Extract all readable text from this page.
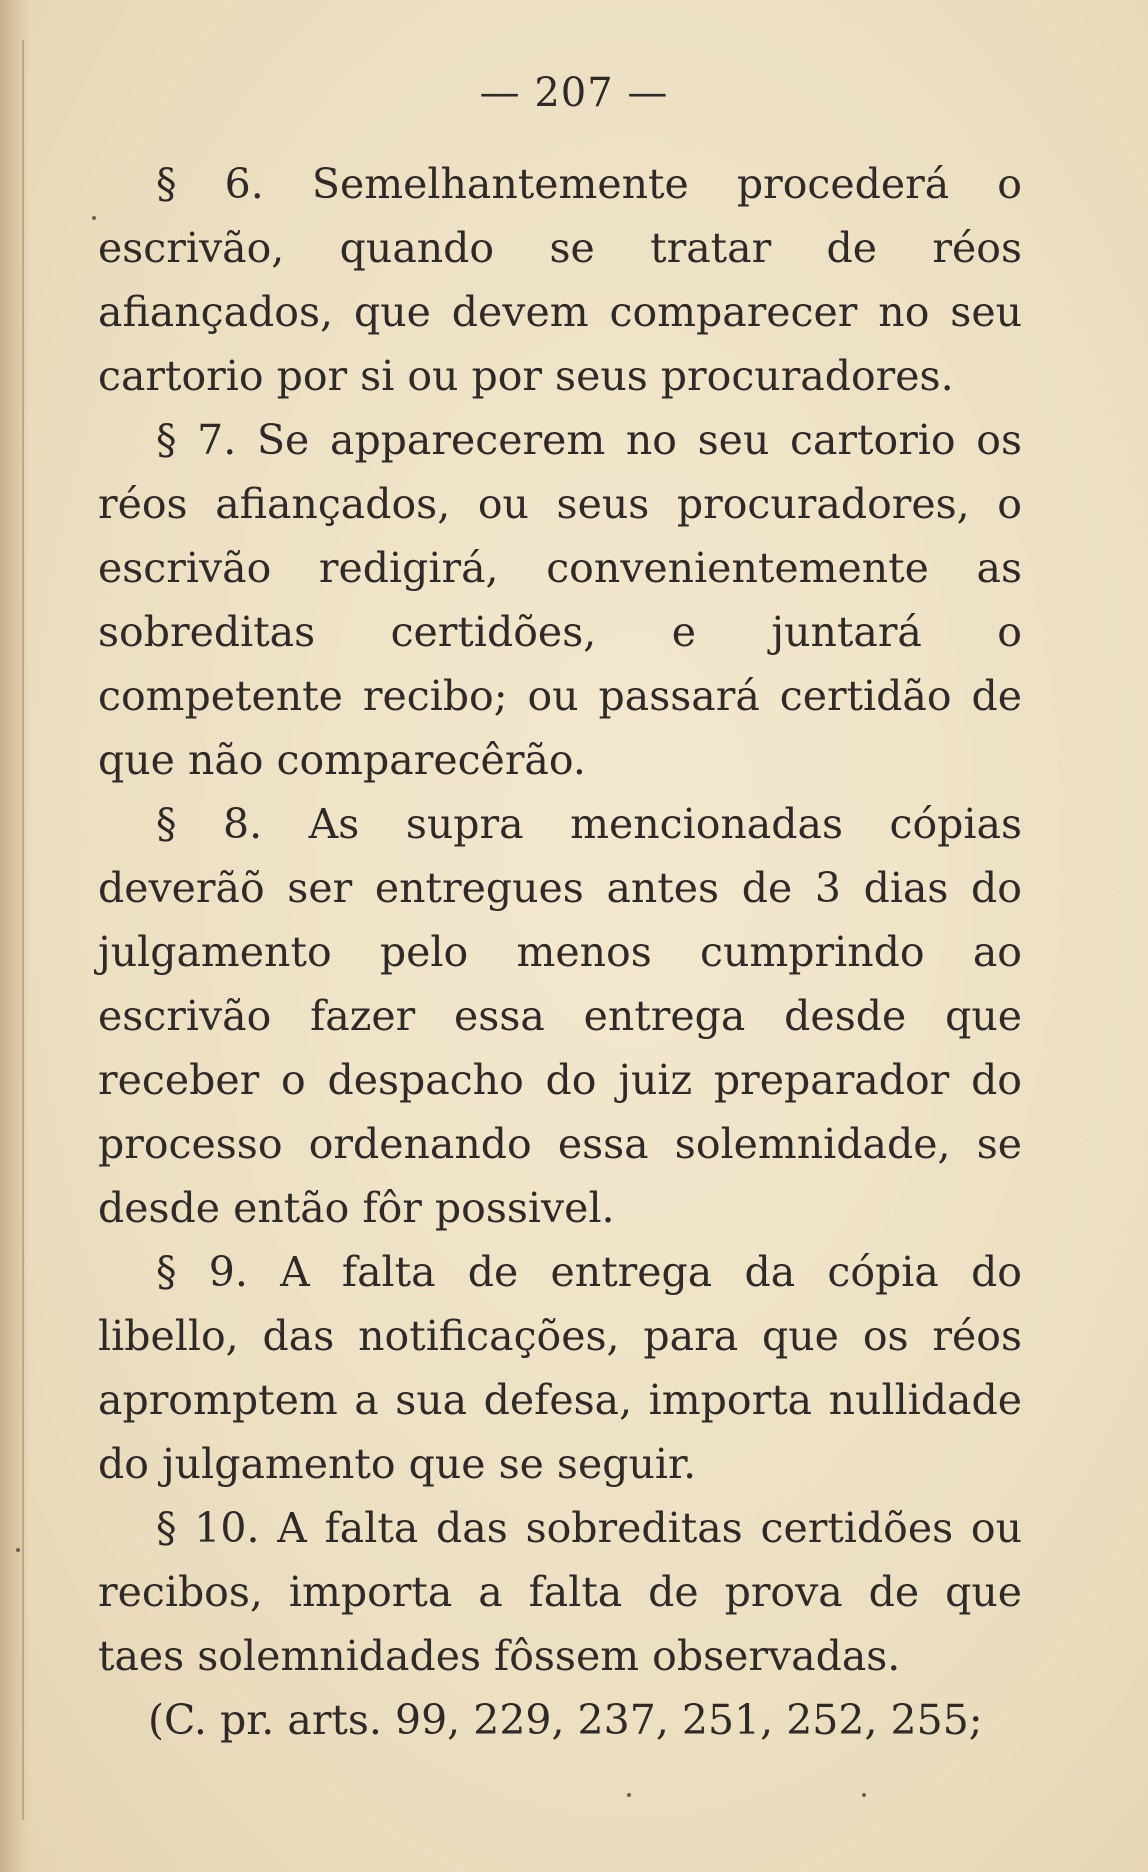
— 207 —

§ 6. Semelhantemente procederá o escrivão, quando se tratar de réos afiançados, que devem comparecer no seu cartorio por si ou por seus procuradores.

§ 7. Se apparecerem no seu cartorio os réos afiançados, ou seus procuradores, o escrivão redigirá, convenientemente as sobreditas certidões, e juntará o competente recibo; ou passará certidão de que não comparecêrão.

§ 8. As supra mencionadas cópias deverãõ ser entregues antes de 3 dias do julgamento pelo menos cumprindo ao escrivão fazer essa entrega desde que receber o despacho do juiz preparador do processo ordenando essa solemnidade, se desde então fôr possivel.

§ 9. A falta de entrega da cópia do libello, das notificações, para que os réos apromptem a sua defesa, importa nullidade do julgamento que se seguir.

§ 10. A falta das sobreditas certidões ou recibos, importa a falta de prova de que taes solemnidades fôssem observadas.

(C. pr. arts. 99, 229, 237, 251, 252, 255;
